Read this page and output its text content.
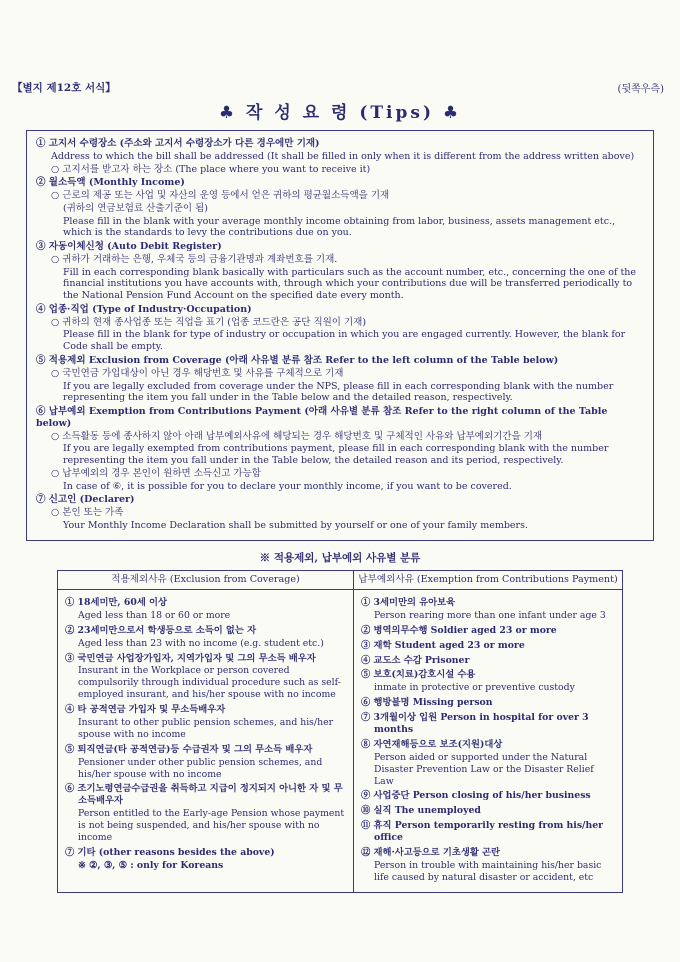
【별지 제12호 서식】	(뒷쪽우측)
♣ 작 성 요 령 (Tips) ♣
① 고지서 수령장소 (주소와 고지서 수령장소가 다른 경우에만 기재)
Address to which the bill shall be addressed (It shall be filled in only when it is different from the address written above)
○ 고지서를 받고자 하는 장소 (The place where you want to receive it)
② 월소득액 (Monthly Income)
○ 근로의 제공 또는 사업 및 자산의 운영 등에서 얻은 귀하의 평균월소득액을 기재
(귀하의 연금보험료 산출기준이 됨)
Please fill in the blank with your average monthly income obtaining from labor, business, assets management etc., which is the standards to levy the contributions due on you.
③ 자동이체신청 (Auto Debit Register)
○ 귀하가 거래하는 은행, 우체국 등의 금융기관명과 계좌번호를 기재.
Fill in each corresponding blank basically with particulars such as the account number, etc., concerning the one of the financial institutions you have accounts with, through which your contributions due will be transferred periodically to the National Pension Fund Account on the specified date every month.
④ 업종·직업 (Type of Industry·Occupation)
○ 귀하의 현재 종사업종 또는 직업을 표기 (업종 코드란은 공단 직원이 기재)
Please fill in the blank for type of industry or occupation in which you are engaged currently. However, the blank for Code shall be empty.
⑤ 적용제외 Exclusion from Coverage (아래 사유별 분류 참조 Refer to the left column of the Table below)
○ 국민연금 가입대상이 아닌 경우 해당번호 및 사유를 구체적으로 기재
If you are legally excluded from coverage under the NPS, please fill in each corresponding blank with the number representing the item you fall under in the Table below and the detailed reason, respectively.
⑥ 납부예외 Exemption from Contributions Payment (아래 사유별 분류 참조 Refer to the right column of the Table below)
○ 소득활동 등에 종사하지 않아 아래 납부예외사유에 해당되는 경우 해당번호 및 구체적인 사유와 납부예외기간을 기재
If you are legally exempted from contributions payment, please fill in each corresponding blank with the number representing the item you fall under in the Table below, the detailed reason and its period, respectively.
○ 납부예외의 경우 본인이 원하면 소득신고 가능함
In case of ⑥, it is possible for you to declare your monthly income, if you want to be covered.
⑦ 신고인 (Declarer)
○ 본인 또는 가족
Your Monthly Income Declaration shall be submitted by yourself or one of your family members.
※ 적용제외, 납부예외 사유별 분류
적용제외사유 (Exclusion from Coverage)	납부예외사유 (Exemption from Contributions Payment)

① 18세미만, 60세 이상
Aged less than 18 or 60 or more
② 23세미만으로서 학생등으로 소득이 없는 자
Aged less than 23 with no income (e.g. student etc.)
③ 국민연금 사업장가입자, 지역가입자 및 그의 무소득 배우자
Insurant in the Workplace or person covered compulsorily through individual procedure such as self-employed insurant, and his/her spouse with no income
④ 타 공적연금 가입자 및 무소득배우자
Insurant to other public pension schemes, and his/her spouse with no income
⑤ 퇴직연금(타 공적연금)등 수급권자 및 그의 무소득 배우자
Pensioner under other public pension schemes, and his/her spouse with no income
⑥ 조기노령연금수급권을 취득하고 지급이 정지되지 아니한 자 및 무소득배우자
Person entitled to the Early-age Pension whose payment is not being suspended, and his/her spouse with no income
⑦ 기타 (other reasons besides the above)
※ ②, ③, ⑤ : only for Koreans

① 3세미만의 유아보육
Person rearing more than one infant under age 3
② 병역의무수행 Soldier aged 23 or more
③ 재학 Student aged 23 or more
④ 교도소 수감 Prisoner
⑤ 보호(치료)감호시설 수용
inmate in protective or preventive custody
⑥ 행방불명 Missing person
⑦ 3개월이상 입원 Person in hospital for over 3 months
⑧ 자연재해등으로 보조(지원)대상
Person aided or supported under the Natural Disaster Prevention Law or the Disaster Relief Law
⑨ 사업중단 Person closing of his/her business
⑩ 실직 The unemployed
⑪ 휴직 Person temporarily resting from his/her office
⑫ 재해·사고등으로 기초생활 곤란
Person in trouble with maintaining his/her basic life caused by natural disaster or accident, etc
